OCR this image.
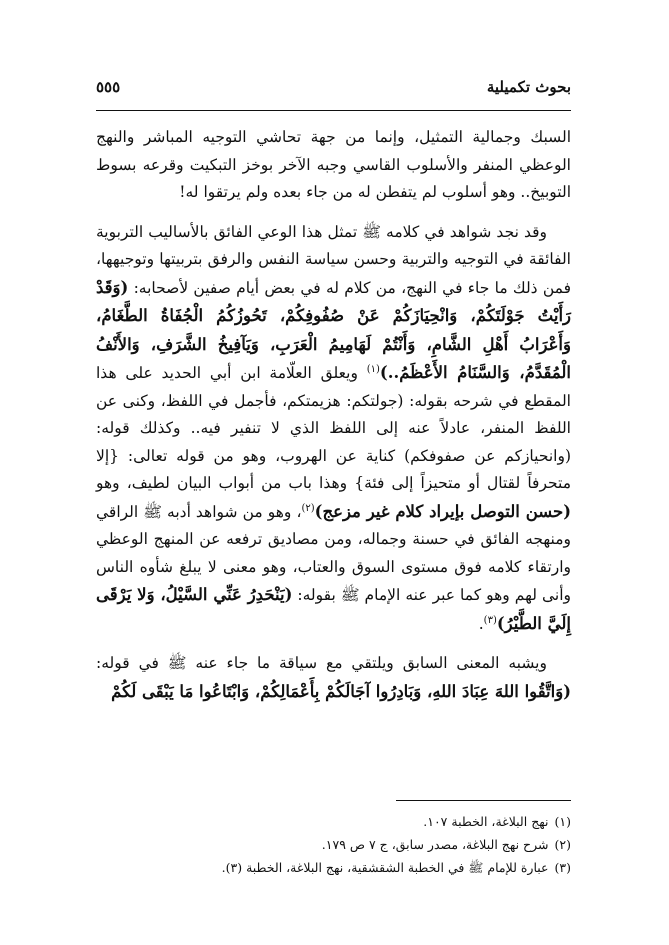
بحوث تكميلية
٥٥٥

السبك وجمالية التمثيل، وإنما من جهة تحاشي التوجيه المباشر والنهج الوعظي المنفر والأسلوب القاسي وجبه الآخر بوخز التبكيت وقرعه بسوط التوبيخ.. وهو أسلوب لم يتفطن له من جاء بعده ولم يرتقوا له!

وقد نجد شواهد في كلامه ﷺ تمثل هذا الوعي الفائق بالأساليب التربوية الفائقة في التوجيه والتربية وحسن سياسة النفس والرفق بتربيتها وتوجيهها، فمن ذلك ما جاء في النهج، من كلام له في بعض أيام صفين لأصحابه: (وَقَدْ رَأَيْتُ جَوْلَتَكُمْ، وَانْحِيَازَكُمْ عَنْ صُفُوفِكُمْ، تَحُوزُكُمُ الْجُفَاةُ الطَّغَامُ، وَأَعْرَابُ أَهْلِ الشَّامِ، وَأَنْتُمْ لَهَامِيمُ الْعَرَبِ، وَيَآفِيخُ الشَّرَفِ، وَالأَنْفُ الْمُقَدَّمُ، وَالسَّنَامُ الأَعْظَمُ..)$^{(١)}$ ويعلق العلّامة ابن أبي الحديد على هذا المقطع في شرحه بقوله: (جولتكم: هزيمتكم، فأجمل في اللفظ، وكنى عن اللفظ المنفر، عادلاً عنه إلى اللفظ الذي لا تنفير فيه.. وكذلك قوله: (وانحيازكم عن صفوفكم) كناية عن الهروب، وهو من قوله تعالى: {إلا متحرفاً لقتال أو متحيزاً إلى فئة} وهذا باب من أبواب البيان لطيف، وهو (حسن التوصل بإيراد كلام غير مزعج)$^{(٢)}$، وهو من شواهد أدبه ﷺ الراقي ومنهجه الفائق في حسنة وجماله، ومن مصاديق ترفعه عن المنهج الوعظي وارتقاء كلامه فوق مستوى السوق والعتاب، وهو معنى لا يبلغ شأوه الناس وأنى لهم وهو كما عبر عنه الإمام ﷺ بقوله: (يَنْحَدِرُ عَنِّي السَّيْلُ، وَلا يَرْقَى إِلَيَّ الطَّيْرُ)$^{(٣)}$.

ويشبه المعنى السابق ويلتقي مع سياقة ما جاء عنه ﷺ في قوله: (وَاتَّقُوا اللهَ عِبَادَ اللهِ، وَبَادِرُوا آجَالَكُمْ بِأَعْمَالِكُمْ، وَابْتَاعُوا مَا يَبْقَى لَكُمْ

(١)
نهج البلاغة، الخطبة ١٠٧.
(٢)
شرح نهج البلاغة، مصدر سابق، ج ٧ ص ١٧٩.
(٣)
عبارة للإمام ﷺ في الخطبة الشقشقية، نهج البلاغة، الخطبة (٣).
